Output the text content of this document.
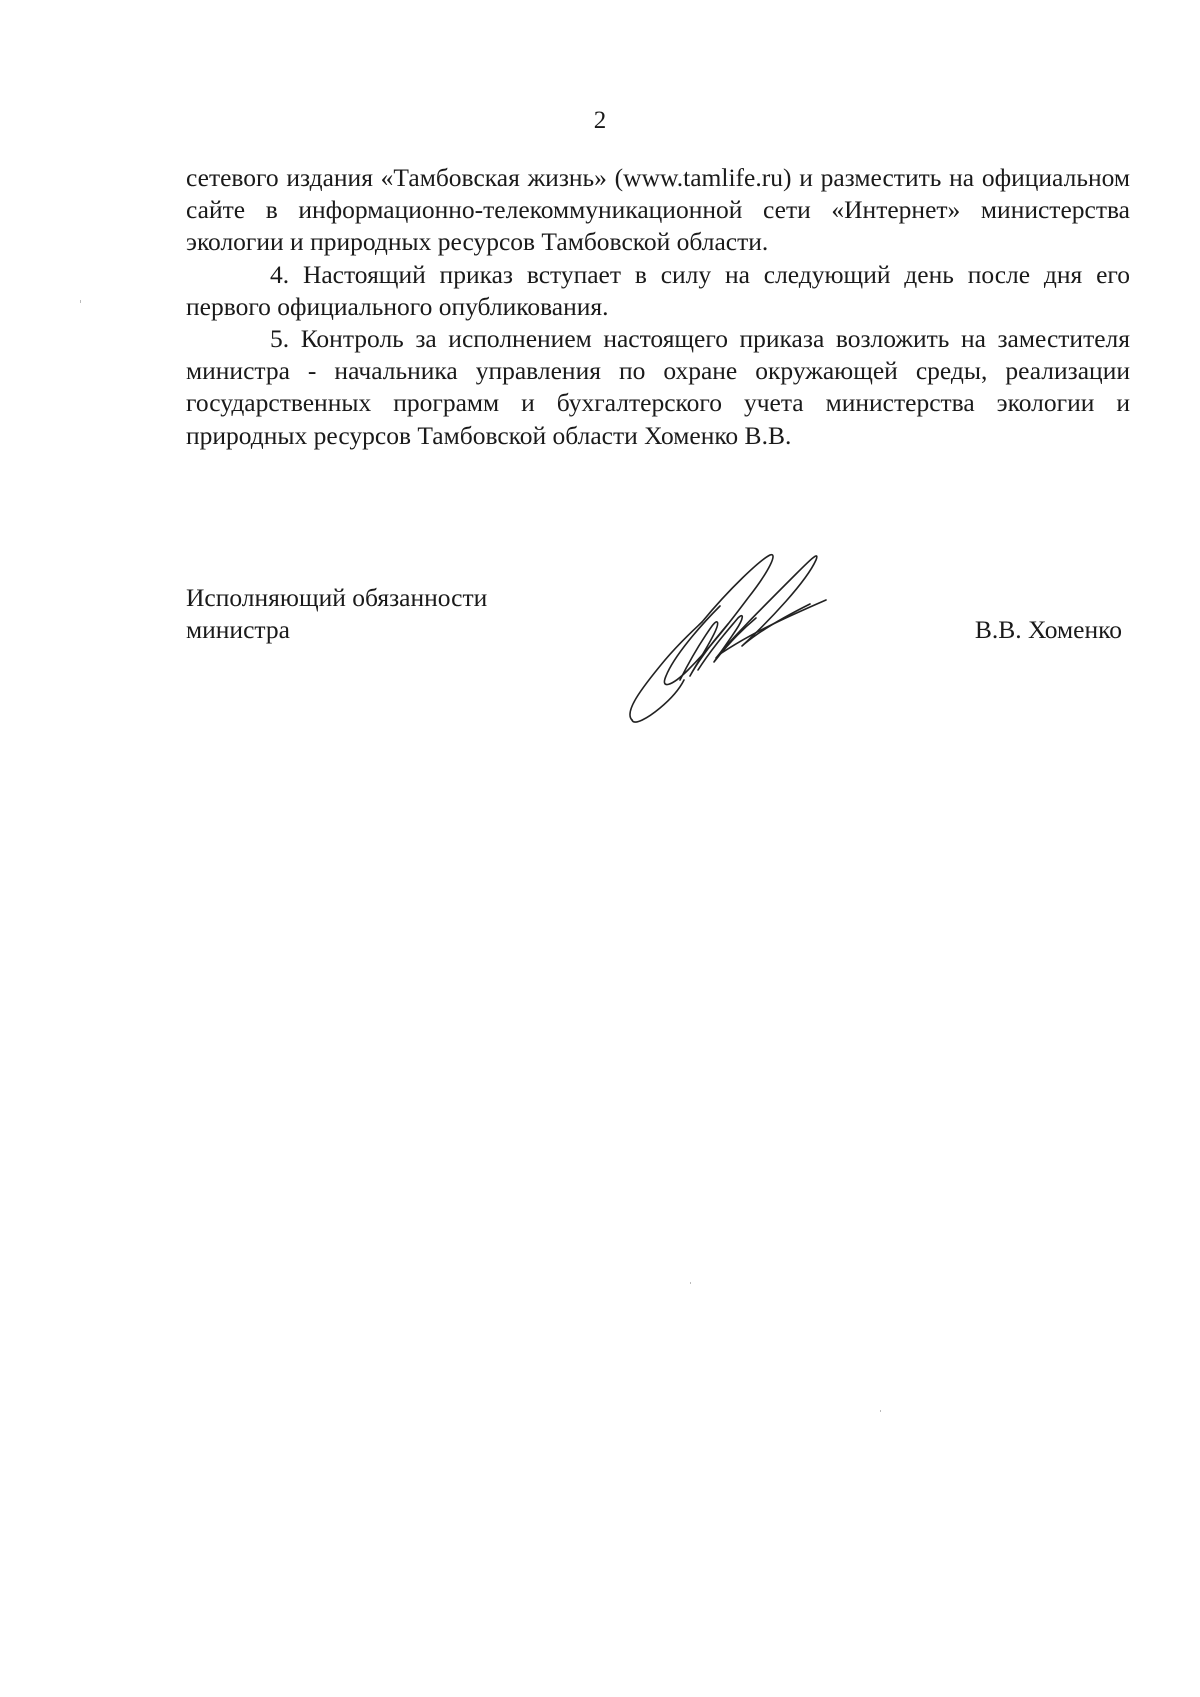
2

сетевого издания «Тамбовская жизнь» (www.tamlife.ru) и разместить на официальном сайте в информационно-телекоммуникационной сети «Интернет» министерства экологии и природных ресурсов Тамбовской области.

4. Настоящий приказ вступает в силу на следующий день после дня его первого официального опубликования.

5. Контроль за исполнением настоящего приказа возложить на заместителя министра - начальника управления по охране окружающей среды, реализации государственных программ и бухгалтерского учета министерства экологии и природных ресурсов Тамбовской области Хоменко В.В.

Исполняющий обязанности
министра	В.В. Хоменко
